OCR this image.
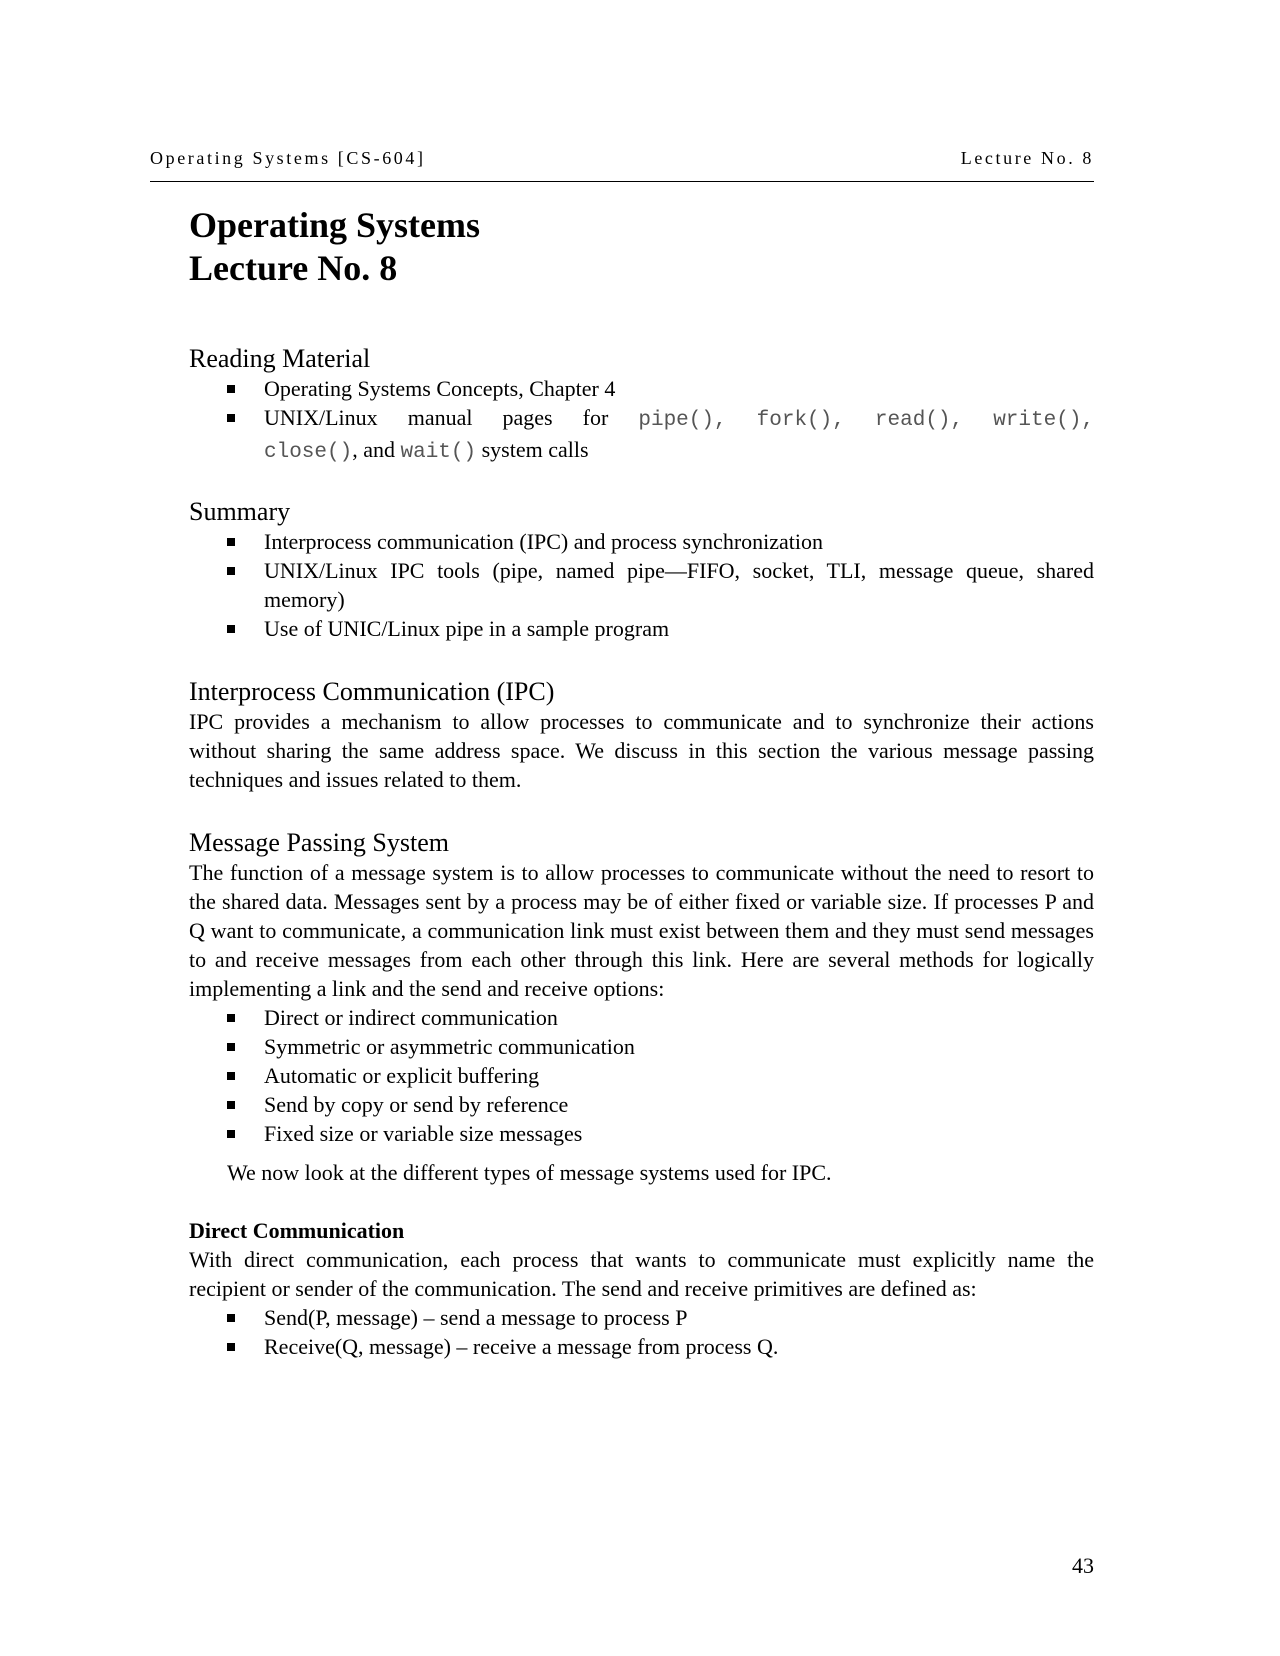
Operating Systems [CS-604]	Lecture No. 8
Operating Systems
Lecture No. 8
Reading Material
Operating Systems Concepts, Chapter 4
UNIX/Linux manual pages for pipe(), fork(), read(), write(),
close(), and wait() system calls
Summary
Interprocess communication (IPC) and process synchronization
UNIX/Linux IPC tools (pipe, named pipe—FIFO, socket, TLI, message queue, shared memory)
Use of UNIC/Linux pipe in a sample program
Interprocess Communication (IPC)

IPC provides a mechanism to allow processes to communicate and to synchronize their actions without sharing the same address space. We discuss in this section the various message passing techniques and issues related to them.

Message Passing System

The function of a message system is to allow processes to communicate without the need to resort to the shared data. Messages sent by a process may be of either fixed or variable size. If processes P and Q want to communicate, a communication link must exist between them and they must send messages to and receive messages from each other through this link. Here are several methods for logically implementing a link and the send and receive options:

Direct or indirect communication
Symmetric or asymmetric communication
Automatic or explicit buffering
Send by copy or send by reference
Fixed size or variable size messages

We now look at the different types of message systems used for IPC.

Direct Communication

With direct communication, each process that wants to communicate must explicitly name the recipient or sender of the communication. The send and receive primitives are defined as:

Send(P, message) – send a message to process P
Receive(Q, message) – receive a message from process Q.
43
